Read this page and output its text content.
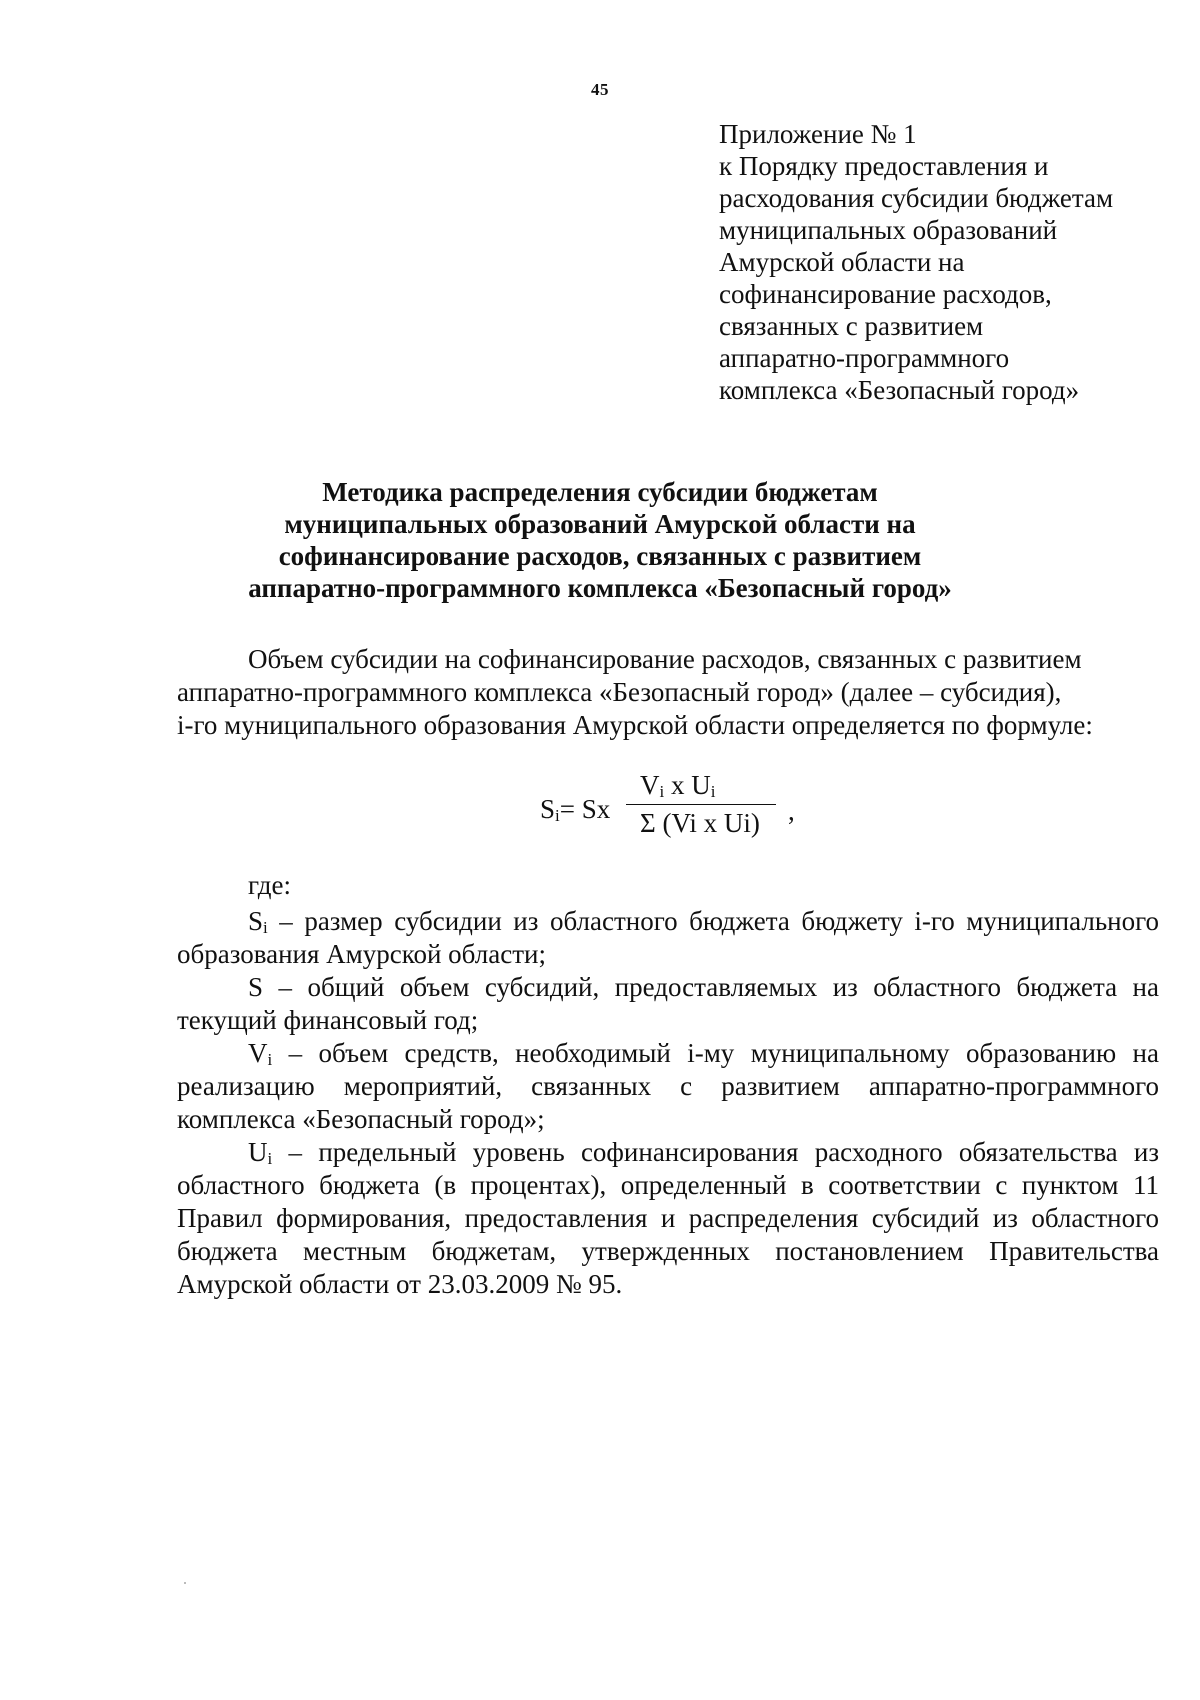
45
Приложение № 1
к Порядку предоставления и
расходования субсидии бюджетам
муниципальных образований
Амурской области на
софинансирование расходов,
связанных с развитием
аппаратно-программного
комплекса «Безопасный город»
Методика распределения субсидии бюджетам
муниципальных образований Амурской области на
софинансирование расходов, связанных с развитием
аппаратно-программного комплекса «Безопасный город»
Объем субсидии на софинансирование расходов, связанных с развитием
аппаратно-программного комплекса «Безопасный город» (далее – субсидия),
i-го муниципального образования Амурской области определяется по формуле:
$S_i= Sx$
$V_i$ x $U_i$
Σ (Vi x Ui) ,
где:

$S_i$ – размер субсидии из областного бюджета бюджету i-го муниципального образования Амурской области;

S – общий объем субсидий, предоставляемых из областного бюджета на текущий финансовый год;

$V_i$ – объем средств, необходимый i-му муниципальному образованию на реализацию мероприятий, связанных с развитием аппаратно-программного комплекса «Безопасный город»;

$U_i$ – предельный уровень софинансирования расходного обязательства из областного бюджета (в процентах), определенный в соответствии с пунктом 11 Правил формирования, предоставления и распределения субсидий из областного бюджета местным бюджетам, утвержденных постановлением Правительства Амурской области от 23.03.2009 № 95.
